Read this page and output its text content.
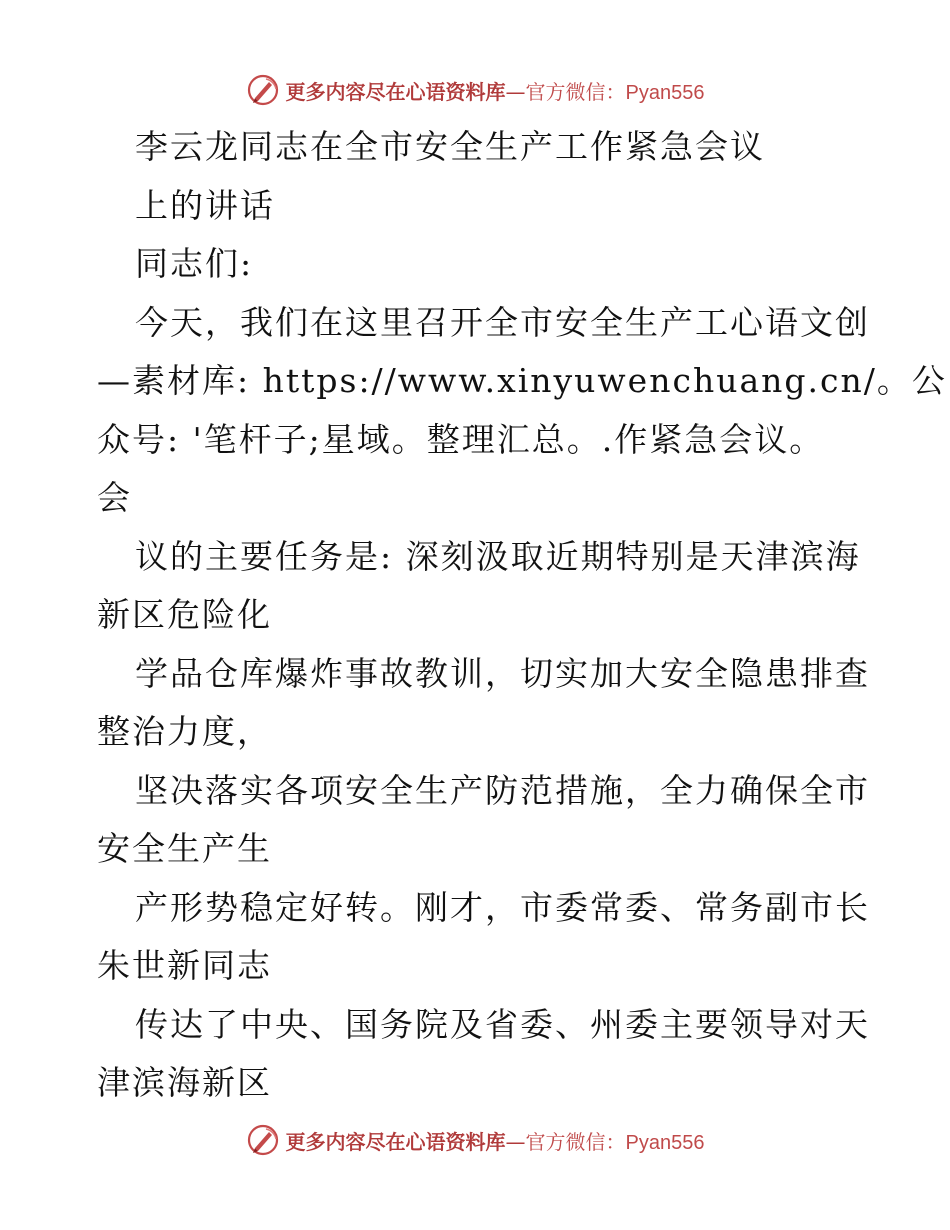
更多内容尽在心语资料库—官方微信：Pyan556
李云龙同志在全市安全生产工作紧急会议
上的讲话
同志们:
今天，我们在这里召开全市安全生产工心语文创
—素材库: https://www.xinyuwenchuang.cn/。公
众号: '笔杆子;星域。整理汇总。.作紧急会议。
会
议的主要任务是: 深刻汲取近期特别是天津滨海
新区危险化
学品仓库爆炸事故教训，切实加大安全隐患排查
整治力度，
坚决落实各项安全生产防范措施，全力确保全市
安全生产生
产形势稳定好转。刚才，市委常委、常务副市长
朱世新同志
传达了中央、国务院及省委、州委主要领导对天
津滨海新区
更多内容尽在心语资料库—官方微信：Pyan556
